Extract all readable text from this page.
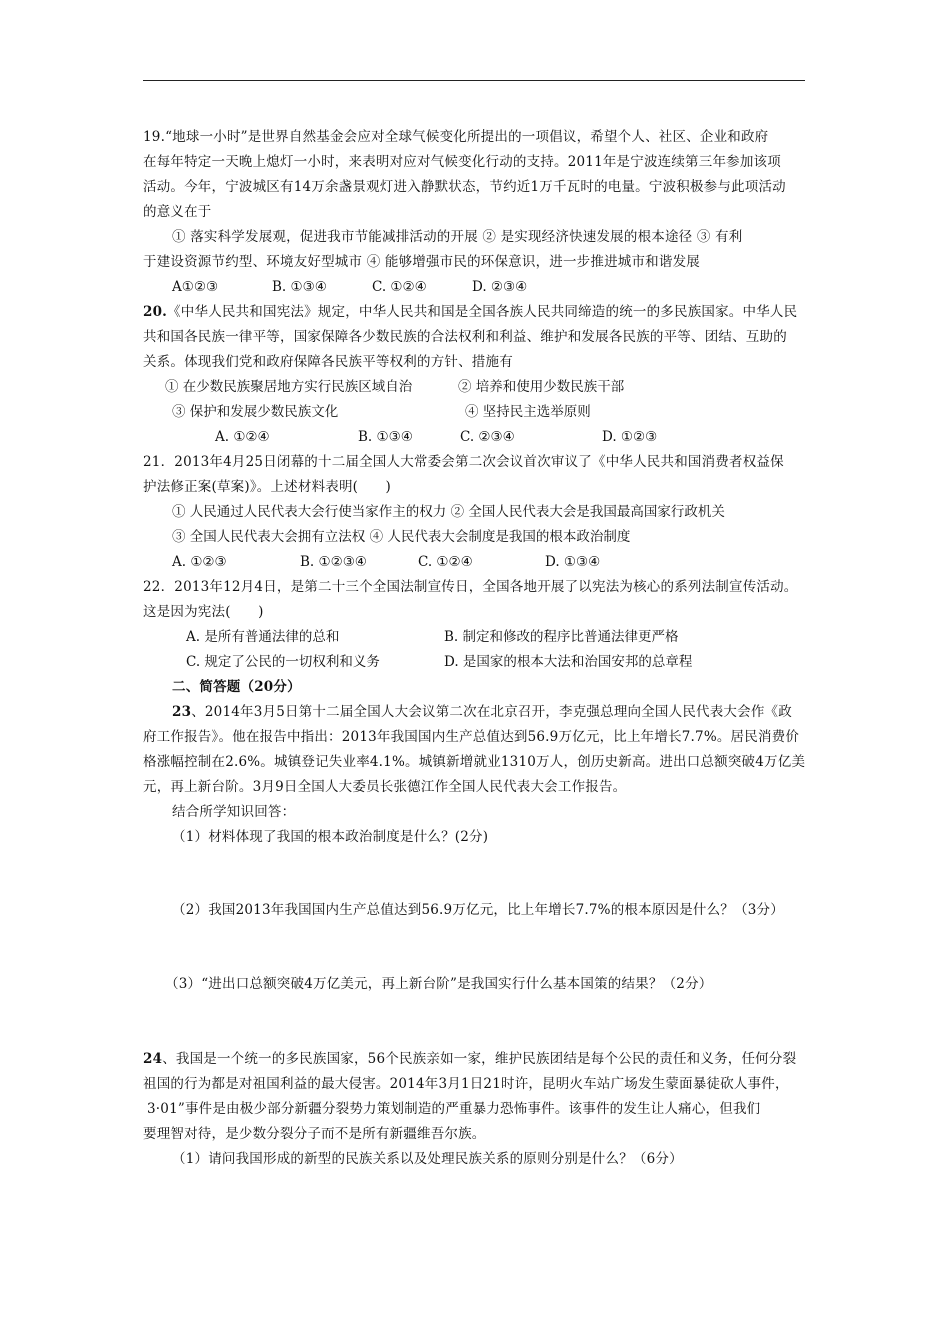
19.“地球一小时”是世界自然基金会应对全球气候变化所提出的一项倡议，希望个人、社区、企业和政府
在每年特定一天晚上熄灯一小时，来表明对应对气候变化行动的支持。2011年是宁波连续第三年参加该项
活动。今年，宁波城区有14万余盏景观灯进入静默状态，节约近1万千瓦时的电量。宁波积极参与此项活动
的意义在于
① 落实科学发展观，促进我市节能减排活动的开展 ② 是实现经济快速发展的根本途径 ③ 有利
于建设资源节约型、环境友好型城市 ④ 能够增强市民的环保意识，进一步推进城市和谐发展
A①②③	B. ①③④	C. ①②④	D. ②③④
20.《中华人民共和国宪法》规定，中华人民共和国是全国各族人民共同缔造的统一的多民族国家。中华人民
共和国各民族一律平等，国家保障各少数民族的合法权利和利益、维护和发展各民族的平等、团结、互助的
关系。体现我们党和政府保障各民族平等权利的方针、措施有
① 在少数民族聚居地方实行民族区域自治	② 培养和使用少数民族干部
③ 保护和发展少数民族文化	④ 坚持民主选举原则
A. ①②④	B. ①③④	C. ②③④	D. ①②③
21．2013年4月25日闭幕的十二届全国人大常委会第二次会议首次审议了《中华人民共和国消费者权益保
护法修正案(草案)》。上述材料表明(　　)
① 人民通过人民代表大会行使当家作主的权力 ② 全国人民代表大会是我国最高国家行政机关
③ 全国人民代表大会拥有立法权 ④ 人民代表大会制度是我国的根本政治制度
A. ①②③	B. ①②③④	C. ①②④	D. ①③④
22．2013年12月4日，是第二十三个全国法制宣传日，全国各地开展了以宪法为核心的系列法制宣传活动。
这是因为宪法(　　)
A. 是所有普通法律的总和	B. 制定和修改的程序比普通法律更严格
C. 规定了公民的一切权利和义务	D. 是国家的根本大法和治国安邦的总章程
二、简答题（20分）
23、2014年3月5日第十二届全国人大会议第二次在北京召开，李克强总理向全国人民代表大会作《政
府工作报告》。他在报告中指出：2013年我国国内生产总值达到56.9万亿元，比上年增长7.7%。居民消费价
格涨幅控制在2.6%。城镇登记失业率4.1%。城镇新增就业1310万人，创历史新高。进出口总额突破4万亿美
元，再上新台阶。3月9日全国人大委员长张德江作全国人民代表大会工作报告。
结合所学知识回答：
（1）材料体现了我国的根本政治制度是什么？(2分)
（2）我国2013年我国国内生产总值达到56.9万亿元，比上年增长7.7%的根本原因是什么？（3分）
（3）“进出口总额突破4万亿美元，再上新台阶”是我国实行什么基本国策的结果？（2分）
24、我国是一个统一的多民族国家，56个民族亲如一家，维护民族团结是每个公民的责任和义务，任何分裂
祖国的行为都是对祖国利益的最大侵害。2014年3月1日21时许，昆明火车站广场发生蒙面暴徒砍人事件，
3·01”事件是由极少部分新疆分裂势力策划制造的严重暴力恐怖事件。该事件的发生让人痛心，但我们
要理智对待，是少数分裂分子而不是所有新疆维吾尔族。
（1）请问我国形成的新型的民族关系以及处理民族关系的原则分别是什么？（6分）
